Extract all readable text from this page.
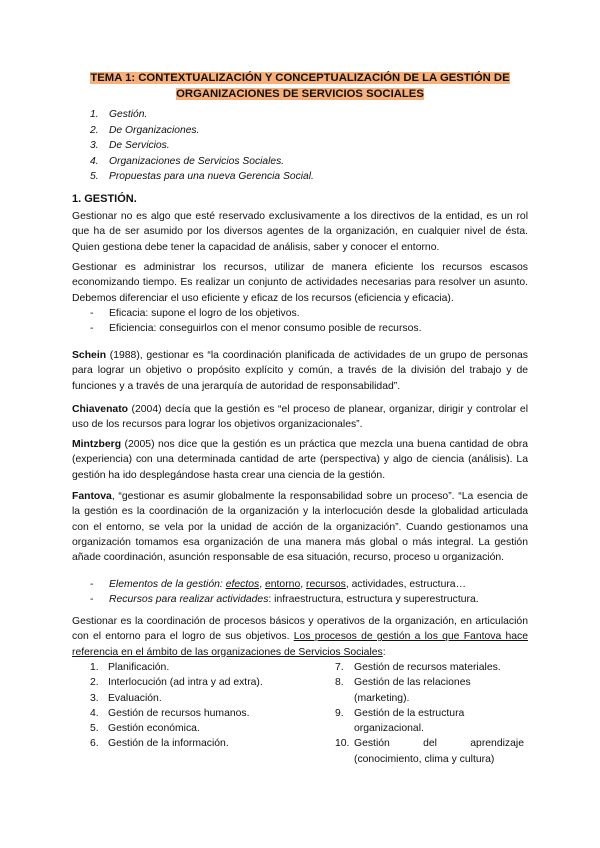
TEMA 1: CONTEXTUALIZACIÓN Y CONCEPTUALIZACIÓN DE LA GESTIÓN DE ORGANIZACIONES DE SERVICIOS SOCIALES
1. Gestión.
2. De Organizaciones.
3. De Servicios.
4. Organizaciones de Servicios Sociales.
5. Propuestas para una nueva Gerencia Social.
1. GESTIÓN.

Gestionar no es algo que esté reservado exclusivamente a los directivos de la entidad, es un rol que ha de ser asumido por los diversos agentes de la organización, en cualquier nivel de ésta. Quien gestiona debe tener la capacidad de análisis, saber y conocer el entorno.

Gestionar es administrar los recursos, utilizar de manera eficiente los recursos escasos economizando tiempo. Es realizar un conjunto de actividades necesarias para resolver un asunto. Debemos diferenciar el uso eficiente y eficaz de los recursos (eficiencia y eficacia).

- Eficacia: supone el logro de los objetivos.
- Eficiencia: conseguirlos con el menor consumo posible de recursos.

Schein (1988), gestionar es “la coordinación planificada de actividades de un grupo de personas para lograr un objetivo o propósito explícito y común, a través de la división del trabajo y de funciones y a través de una jerarquía de autoridad de responsabilidad”.

Chiavenato (2004) decía que la gestión es “el proceso de planear, organizar, dirigir y controlar el uso de los recursos para lograr los objetivos organizacionales”.

Mintzberg (2005) nos dice que la gestión es un práctica que mezcla una buena cantidad de obra (experiencia) con una determinada cantidad de arte (perspectiva) y algo de ciencia (análisis). La gestión ha ido desplegándose hasta crear una ciencia de la gestión.

Fantova, “gestionar es asumir globalmente la responsabilidad sobre un proceso”. “La esencia de la gestión es la coordinación de la organización y la interlocución desde la globalidad articulada con el entorno, se vela por la unidad de acción de la organización”. Cuando gestionamos una organización tomamos esa organización de una manera más global o más integral. La gestión añade coordinación, asunción responsable de esa situación, recurso, proceso u organización.

- Elementos de la gestión: efectos, entorno, recursos, actividades, estructura…
- Recursos para realizar actividades: infraestructura, estructura y superestructura.

Gestionar es la coordinación de procesos básicos y operativos de la organización, en articulación con el entorno para el logro de sus objetivos. Los procesos de gestión a los que Fantova hace referencia en el ámbito de las organizaciones de Servicios Sociales:

1. Planificación.
2. Interlocución (ad intra y ad extra).
3. Evaluación.
4. Gestión de recursos humanos.
5. Gestión económica.
6. Gestión de la información.
7. Gestión de recursos materiales.
8. Gestión de las relaciones (marketing).
9. Gestión de la estructura organizacional.
10. Gestión del aprendizaje
(conocimiento, clima y cultura)
